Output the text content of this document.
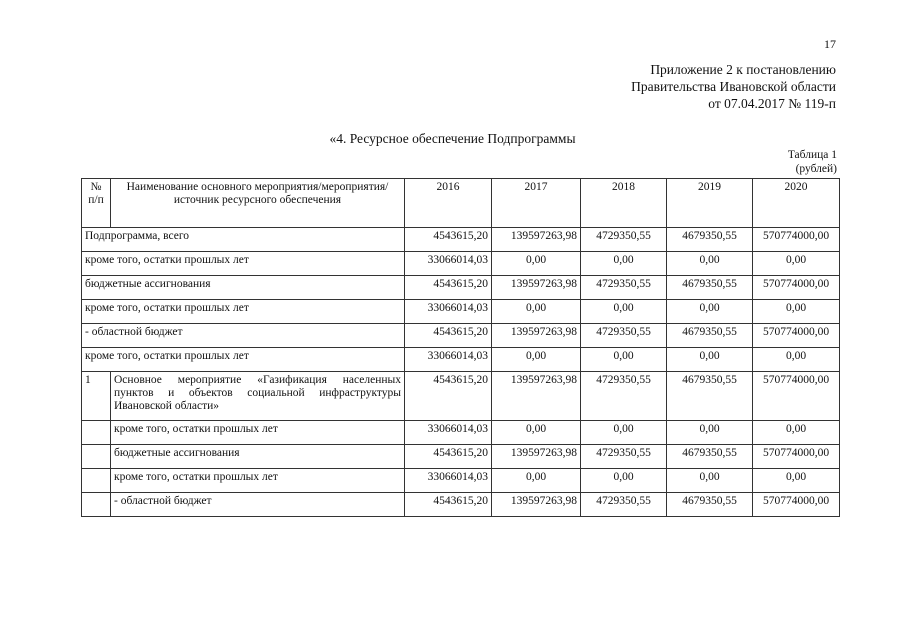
17
Приложение 2 к постановлению
Правительства Ивановской области
от 07.04.2017 № 119-п
«4. Ресурсное обеспечение Подпрограммы
Таблица 1
(рублей)
№ п/п	Наименование основного мероприятия/мероприятия/источник ресурсного обеспечения	2016	2017	2018	2019	2020
Подпрограмма, всего		4543615,20	139597263,98	4729350,55	4679350,55	570774000,00
кроме того, остатки прошлых лет		33066014,03	0,00	0,00	0,00	0,00
бюджетные ассигнования		4543615,20	139597263,98	4729350,55	4679350,55	570774000,00
кроме того, остатки прошлых лет		33066014,03	0,00	0,00	0,00	0,00
- областной бюджет		4543615,20	139597263,98	4729350,55	4679350,55	570774000,00
кроме того, остатки прошлых лет		33066014,03	0,00	0,00	0,00	0,00
1	Основное мероприятие «Газификация населенных пунктов и объектов социальной инфраструктуры Ивановской области»	4543615,20	139597263,98	4729350,55	4679350,55	570774000,00
	кроме того, остатки прошлых лет	33066014,03	0,00	0,00	0,00	0,00
	бюджетные ассигнования	4543615,20	139597263,98	4729350,55	4679350,55	570774000,00
	кроме того, остатки прошлых лет	33066014,03	0,00	0,00	0,00	0,00
	- областной бюджет	4543615,20	139597263,98	4729350,55	4679350,55	570774000,00
